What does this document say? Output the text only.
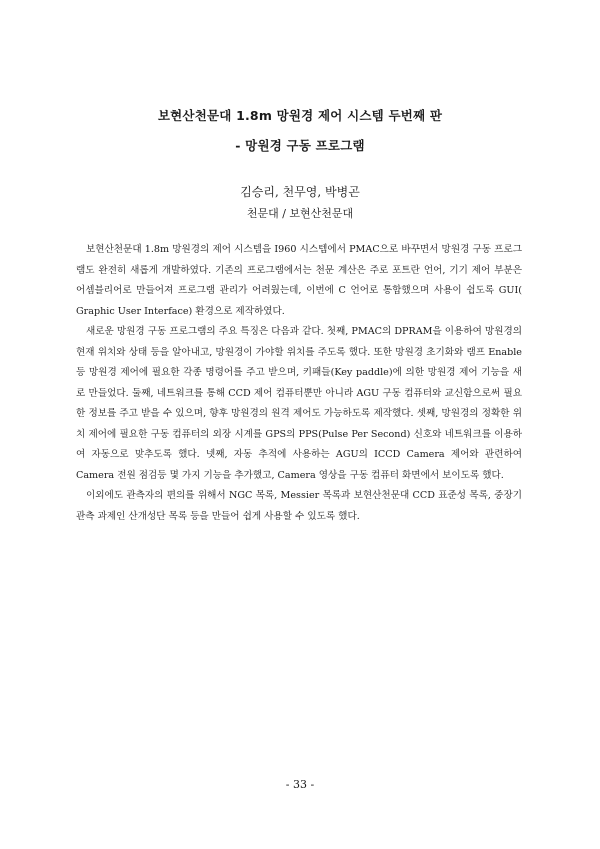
보현산천문대 1.8m 망원경 제어 시스템 두번째 판
- 망원경 구동 프로그램
김승리, 천무영, 박병곤
천문대 / 보현산천문대

보현산천문대 1.8m 망원경의 제어 시스템을 I960 시스템에서 PMAC으로 바꾸면서 망원경 구동 프로그램도 완전히 새롭게 개발하였다. 기존의 프로그램에서는 천문 계산은 주로 포트란 언어, 기기 제어 부분은 어셈블리어로 만들어져 프로그램 관리가 어려웠는데, 이번에 C 언어로 통합했으며 사용이 쉽도록 GUI( Graphic User Interface) 환경으로 제작하였다.

새로운 망원경 구동 프로그램의 주요 특징은 다음과 같다. 첫째, PMAC의 DPRAM을 이용하여 망원경의 현재 위치와 상태 등을 알아내고, 망원경이 가야할 위치를 주도록 했다. 또한 망원경 초기화와 램프 Enable 등 망원경 제어에 필요한 각종 명령어를 주고 받으며, 키패들(Key paddle)에 의한 망원경 제어 기능을 새로 만들었다. 둘째, 네트워크를 통해 CCD 제어 컴퓨터뿐만 아니라 AGU 구동 컴퓨터와 교신함으로써 필요한 정보를 주고 받을 수 있으며, 향후 망원경의 원격 제어도 가능하도록 제작했다. 셋째, 망원경의 정확한 위치 제어에 필요한 구동 컴퓨터의 외장 시계를 GPS의 PPS(Pulse Per Second) 신호와 네트워크를 이용하여 자동으로 맞추도록 했다. 넷째, 자동 추적에 사용하는 AGU의 ICCD Camera 제어와 관련하여 Camera 전원 점검등 몇 가지 기능을 추가했고, Camera 영상을 구동 컴퓨터 화면에서 보이도록 했다.

이외에도 관측자의 편의를 위해서 NGC 목록, Messier 목록과 보현산천문대 CCD 표준성 목록, 중장기 관측 과제인 산개성단 목록 등을 만들어 쉽게 사용할 수 있도록 했다.

- 33 -
